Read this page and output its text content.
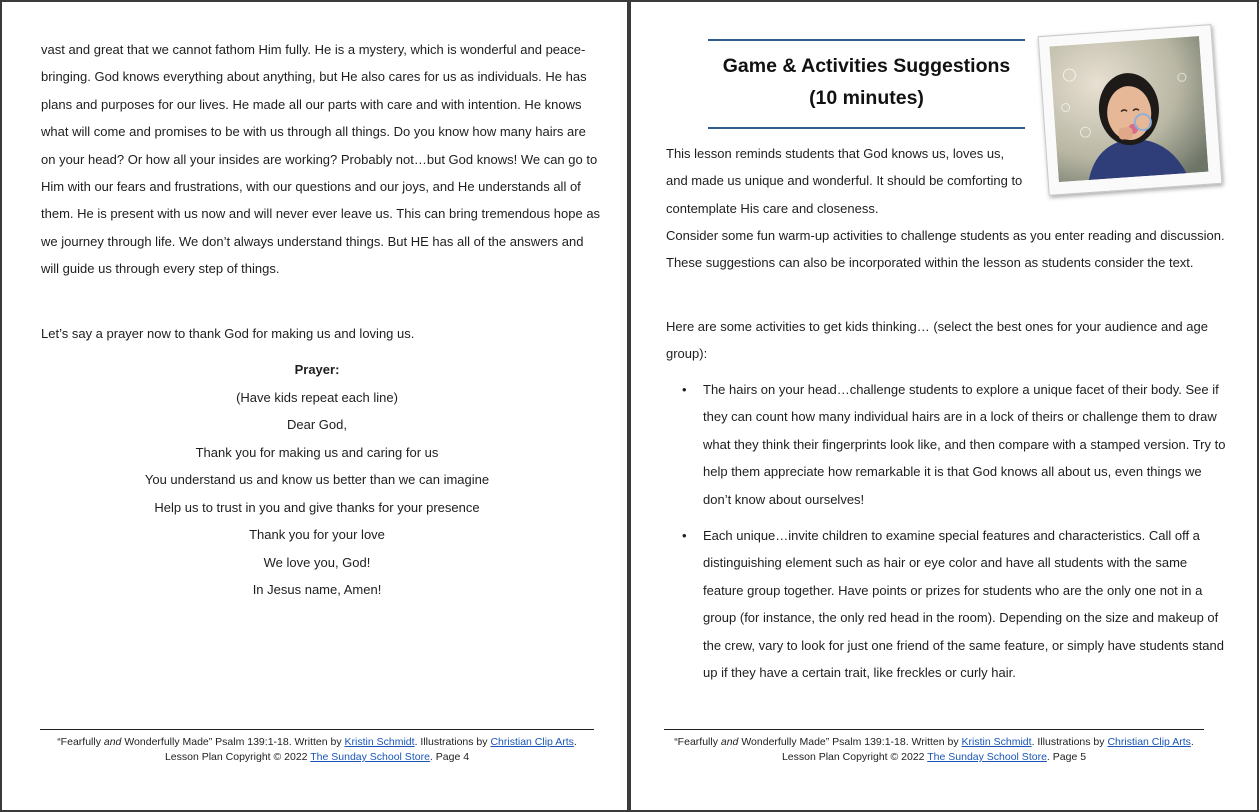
vast and great that we cannot fathom Him fully. He is a mystery, which is wonderful and peace-bringing. God knows everything about anything, but He also cares for us as individuals. He has plans and purposes for our lives. He made all our parts with care and with intention. He knows what will come and promises to be with us through all things. Do you know how many hairs are on your head? Or how all your insides are working? Probably not…but God knows! We can go to Him with our fears and frustrations, with our questions and our joys, and He understands all of them. He is present with us now and will never ever leave us. This can bring tremendous hope as we journey through life. We don’t always understand things. But HE has all of the answers and will guide us through every step of things.
Let’s say a prayer now to thank God for making us and loving us.
Prayer:
(Have kids repeat each line)
Dear God,
Thank you for making us and caring for us
You understand us and know us better than we can imagine
Help us to trust in you and give thanks for your presence
Thank you for your love
We love you, God!
In Jesus name, Amen!
“Fearfully and Wonderfully Made” Psalm 139:1-18. Written by Kristin Schmidt. Illustrations by Christian Clip Arts. Lesson Plan Copyright © 2022 The Sunday School Store. Page 4
Game & Activities Suggestions
(10 minutes)
This lesson reminds students that God knows us, loves us, and made us unique and wonderful. It should be comforting to contemplate His care and closeness.
Consider some fun warm-up activities to challenge students as you enter reading and discussion. These suggestions can also be incorporated within the lesson as students consider the text.
Here are some activities to get kids thinking… (select the best ones for your audience and age group):
• The hairs on your head…challenge students to explore a unique facet of their body. See if they can count how many individual hairs are in a lock of theirs or challenge them to draw what they think their fingerprints look like, and then compare with a stamped version. Try to help them appreciate how remarkable it is that God knows all about us, even things we don’t know about ourselves!
• Each unique…invite children to examine special features and characteristics. Call off a distinguishing element such as hair or eye color and have all students with the same feature group together. Have points or prizes for students who are the only one not in a group (for instance, the only red head in the room). Depending on the size and makeup of the crew, vary to look for just one friend of the same feature, or simply have students stand up if they have a certain trait, like freckles or curly hair.
“Fearfully and Wonderfully Made” Psalm 139:1-18. Written by Kristin Schmidt. Illustrations by Christian Clip Arts. Lesson Plan Copyright © 2022 The Sunday School Store. Page 5
